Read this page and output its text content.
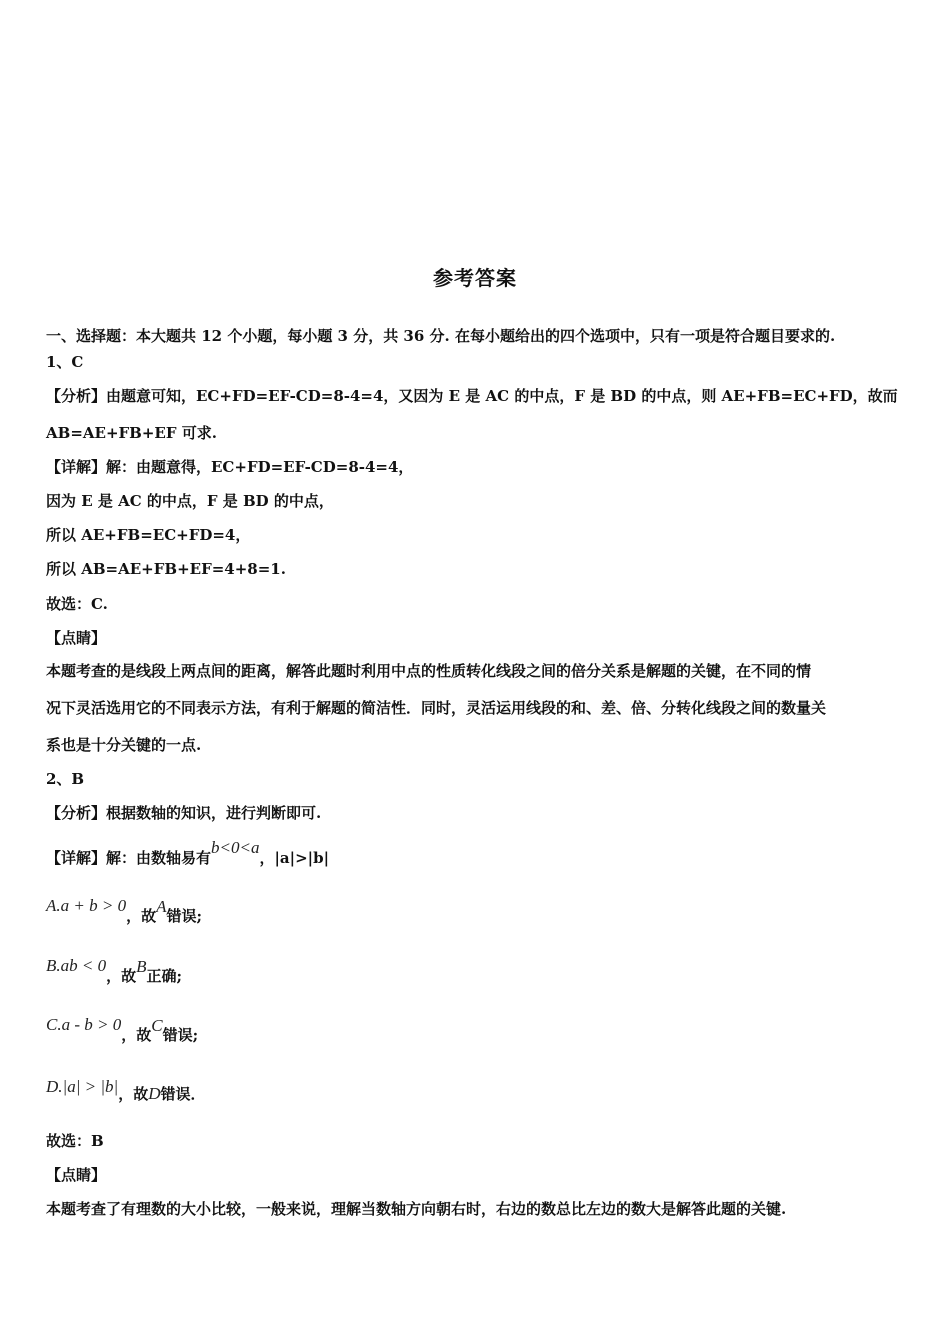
参考答案
一、选择题：本大题共 12 个小题，每小题 3 分，共 36 分. 在每小题给出的四个选项中，只有一项是符合题目要求的.
1、C
【分析】由题意可知，EC+FD=EF-CD=8-4=4，又因为 E 是 AC 的中点，F 是 BD 的中点，则 AE+FB=EC+FD，故而
AB=AE+FB+EF 可求.
【详解】解：由题意得，EC+FD=EF-CD=8-4=4，
因为 E 是 AC 的中点，F 是 BD 的中点，
所以 AE+FB=EC+FD=4，
所以 AB=AE+FB+EF=4+8=1.
故选：C.
【点睛】
本题考查的是线段上两点间的距离，解答此题时利用中点的性质转化线段之间的倍分关系是解题的关键，在不同的情
况下灵活选用它的不同表示方法，有利于解题的简洁性．同时，灵活运用线段的和、差、倍、分转化线段之间的数量关
系也是十分关键的一点.
2、B
【分析】根据数轴的知识，进行判断即可.
【详解】解：由数轴易有b<0<a，|a|>|b|
A.a + b > 0，故A错误;
B.ab < 0，故B正确;
C.a - b > 0，故C错误;
D.|a| > |b|，故D错误．
故选：B
【点睛】
本题考查了有理数的大小比较，一般来说，理解当数轴方向朝右时，右边的数总比左边的数大是解答此题的关键.
